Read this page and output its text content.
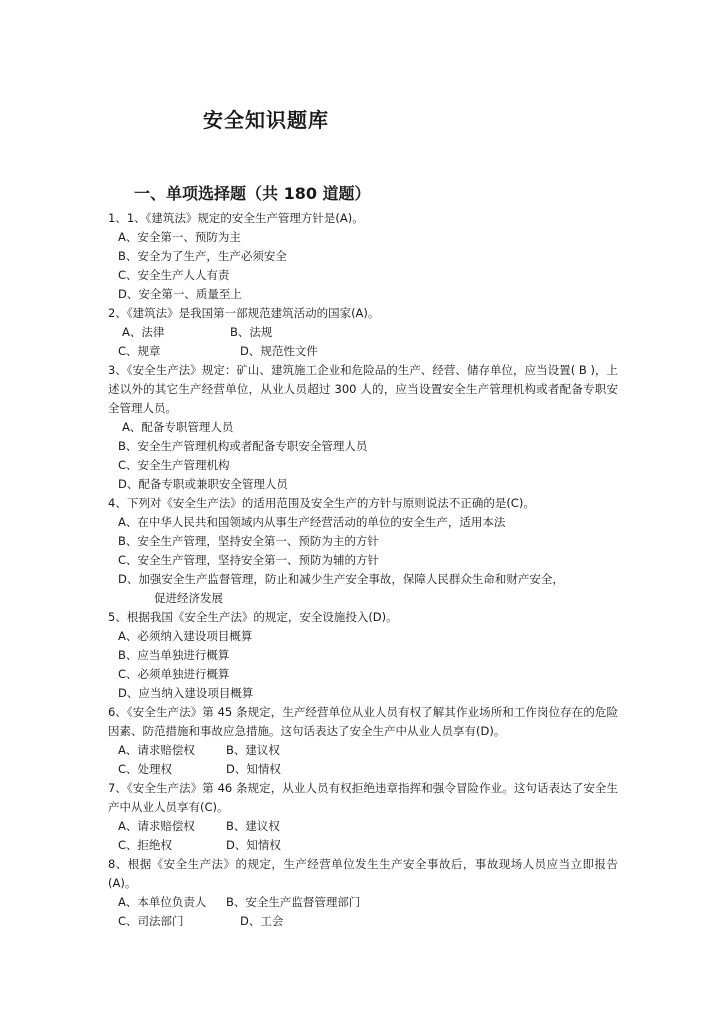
安全知识题库
一、单项选择题（共 180 道题）

1、1、《建筑法》规定的安全生产管理方针是(A)。

A、安全第一、预防为主

B、安全为了生产，生产必须安全

C、安全生产人人有责

D、安全第一、质量至上

2、《建筑法》是我国第一部规范建筑活动的国家(A)。

A、法律	B、法规

C、规章	D、规范性文件

3、《安全生产法》规定：矿山、建筑施工企业和危险品的生产、经营、储存单位，应当设置( B )，上述以外的其它生产经营单位，从业人员超过 300 人的，应当设置安全生产管理机构或者配备专职安全管理人员。

A、配备专职管理人员

B、安全生产管理机构或者配备专职安全管理人员

C、安全生产管理机构

D、配备专职或兼职安全管理人员

4、下列对《安全生产法》的适用范围及安全生产的方针与原则说法不正确的是(C)。

A、在中华人民共和国领域内从事生产经营活动的单位的安全生产，适用本法

B、安全生产管理，坚持安全第一、预防为主的方针

C、安全生产管理，坚持安全第一、预防为辅的方针

D、加强安全生产监督管理，防止和减少生产安全事故，保障人民群众生命和财产安全，

促进经济发展

5、根据我国《安全生产法》的规定，安全设施投入(D)。

A、必须纳入建设项目概算

B、应当单独进行概算

C、必须单独进行概算

D、应当纳入建设项目概算

6、《安全生产法》第 45 条规定，生产经营单位从业人员有权了解其作业场所和工作岗位存在的危险因素、防范措施和事故应急措施。这句话表达了安全生产中从业人员享有(D)。

A、请求赔偿权	B、建议权

C、处理权	D、知情权

7、《安全生产法》第 46 条规定，从业人员有权拒绝违章指挥和强令冒险作业。这句话表达了安全生产中从业人员享有(C)。

A、请求赔偿权	B、建议权

C、拒绝权	D、知情权

8、根据《安全生产法》的规定，生产经营单位发生生产安全事故后，事故现场人员应当立即报告(A)。

A、本单位负责人 B、安全生产监督管理部门

C、司法部门	D、工会
